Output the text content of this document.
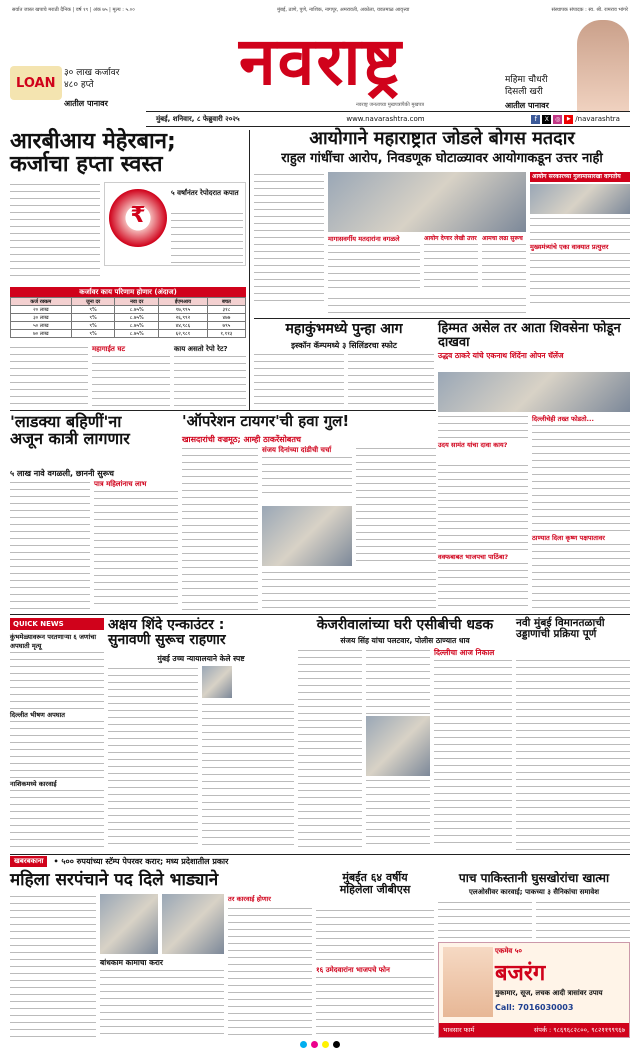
सर्वात जास्त खपाचे मराठी दैनिक | वर्ष १९ | अंक ७५ | मूल्य : ५.००	मुंबई, ठाणे, पुणे, नाशिक, नागपूर, अमरावती, अकोला, यवतमाळ आवृत्त्या	संस्थापक संपादक : स्व. श्री. रामराव भांगरे
LOAN
३० लाख कर्जावर
४८० हप्ते
आतील पानावर
नवराष्ट्र
नवराष्ट्र जनताच्या मुखपत्रांपैकी मुखपत्र
महिमा चौधरी
दिसली खरी
आतील पानावर
मुंबई, शनिवार, ८ फेब्रुवारी २०२५	www.navarashtra.com	f	X	◎	▶ /navarashtra
आरबीआय मेहेरबान;
कर्जाचा हप्ता स्वस्त
₹
५ वर्षांनंतर रेपोदरात कपात
कर्जावर काय परिणाम होणार (अंदाज)
कर्ज रक्कम	जुना दर	नवा दर	ईएमआय	बचत
२० लाख	९%	८.७५%	१७,९९५	३१८
३० लाख	९%	८.७५%	२६,९९२	४७७
५० लाख	९%	८.७५%	४४,९८६	७९५
७० लाख	९%	८.७५%	६२,९८१	१,११३
महागाईत घट	काय असतो रेपो रेट?
आयोगाने महाराष्ट्रात जोडले बोगस मतदार
राहुल गांधींचा आरोप, निवडणूक घोटाळ्यावर आयोगाकडून उत्तर नाही
मागासवर्गीय मतदारांना वगळले	आयोग देणार लेखी उत्तर आमचा लढा सुरूच
आयोग सरकारच्या गुलामासारखा वागतोय
मुख्यमंत्र्यांचे एका वाक्यात प्रत्युत्तर
महाकुंभमध्ये पुन्हा आग
इस्कॉन कॅम्पमध्ये ३ सिलिंडरचा स्फोट
हिम्मत असेल तर आता शिवसेना फोडून दाखवा
उद्धव ठाकरे यांचे एकनाथ शिंदेंना ओपन चॅलेंज
'लाडक्या बहिणीं'ना
अजून कात्री लागणार
५ लाख नावे वगळली, छाननी सुरूच
पात्र महिलांनाच लाभ
'ऑपरेशन टायगर'ची हवा गुल!
खासदारांची वज्रमूठ; आम्ही ठाकरेंसोबतच
संजय दिनांच्या दांडीची चर्चा
उदय सामंत यांचा दावा काय?
वक्फबाबत भाजपचा पाठिंबा?
दिल्लीचेही तख्त फोडतो...
ठाण्यात दिला कृष्ण पक्षपातावर
QUICK NEWS
कुंभमेळ्यावरून परतणाऱ्या ६ जणांचा अपघाती मृत्यू
दिल्लीत भीषण अपघात
नाशिकमध्ये कारवाई
अक्षय शिंदे एन्काउंटर :
सुनावणी सुरूच राहणार
मुंबई उच्च न्यायालयाने केले स्पष्ट
केजरीवालांच्या घरी एसीबीची धडक
संजय सिंह यांचा पलटवार, पोलीस ठाण्यात धाव
दिल्लीचा आज निकाल
नवी मुंबई विमानतळाची
उड्डाणाची प्रक्रिया पूर्ण
खबरबकाना	• ५०० रुपयांच्या स्टॅम्प पेपरवर करार; मध्य प्रदेशातील प्रकार
महिला सरपंचाने पद दिले भाड्याने
तर कारवाई होणार
बांधकाम कामाचा करार
मुंबईत ६४ वर्षीय
महिलेला जीबीएस
१६ उमेदवारांना भाजपचे फोन
पाच पाकिस्तानी घुसखोरांचा खात्मा
एलओसीवर कारवाई; पाकच्या ३ सैनिकांचा समावेश
एकमेव ५०
बजरंग
मुकामार, सूज, लचक आदी त्रासांवर उपाय
Call: 7016030003
भावसार फार्म	संपर्क : ९८६९६८२८००, ९८२११९९९६७
